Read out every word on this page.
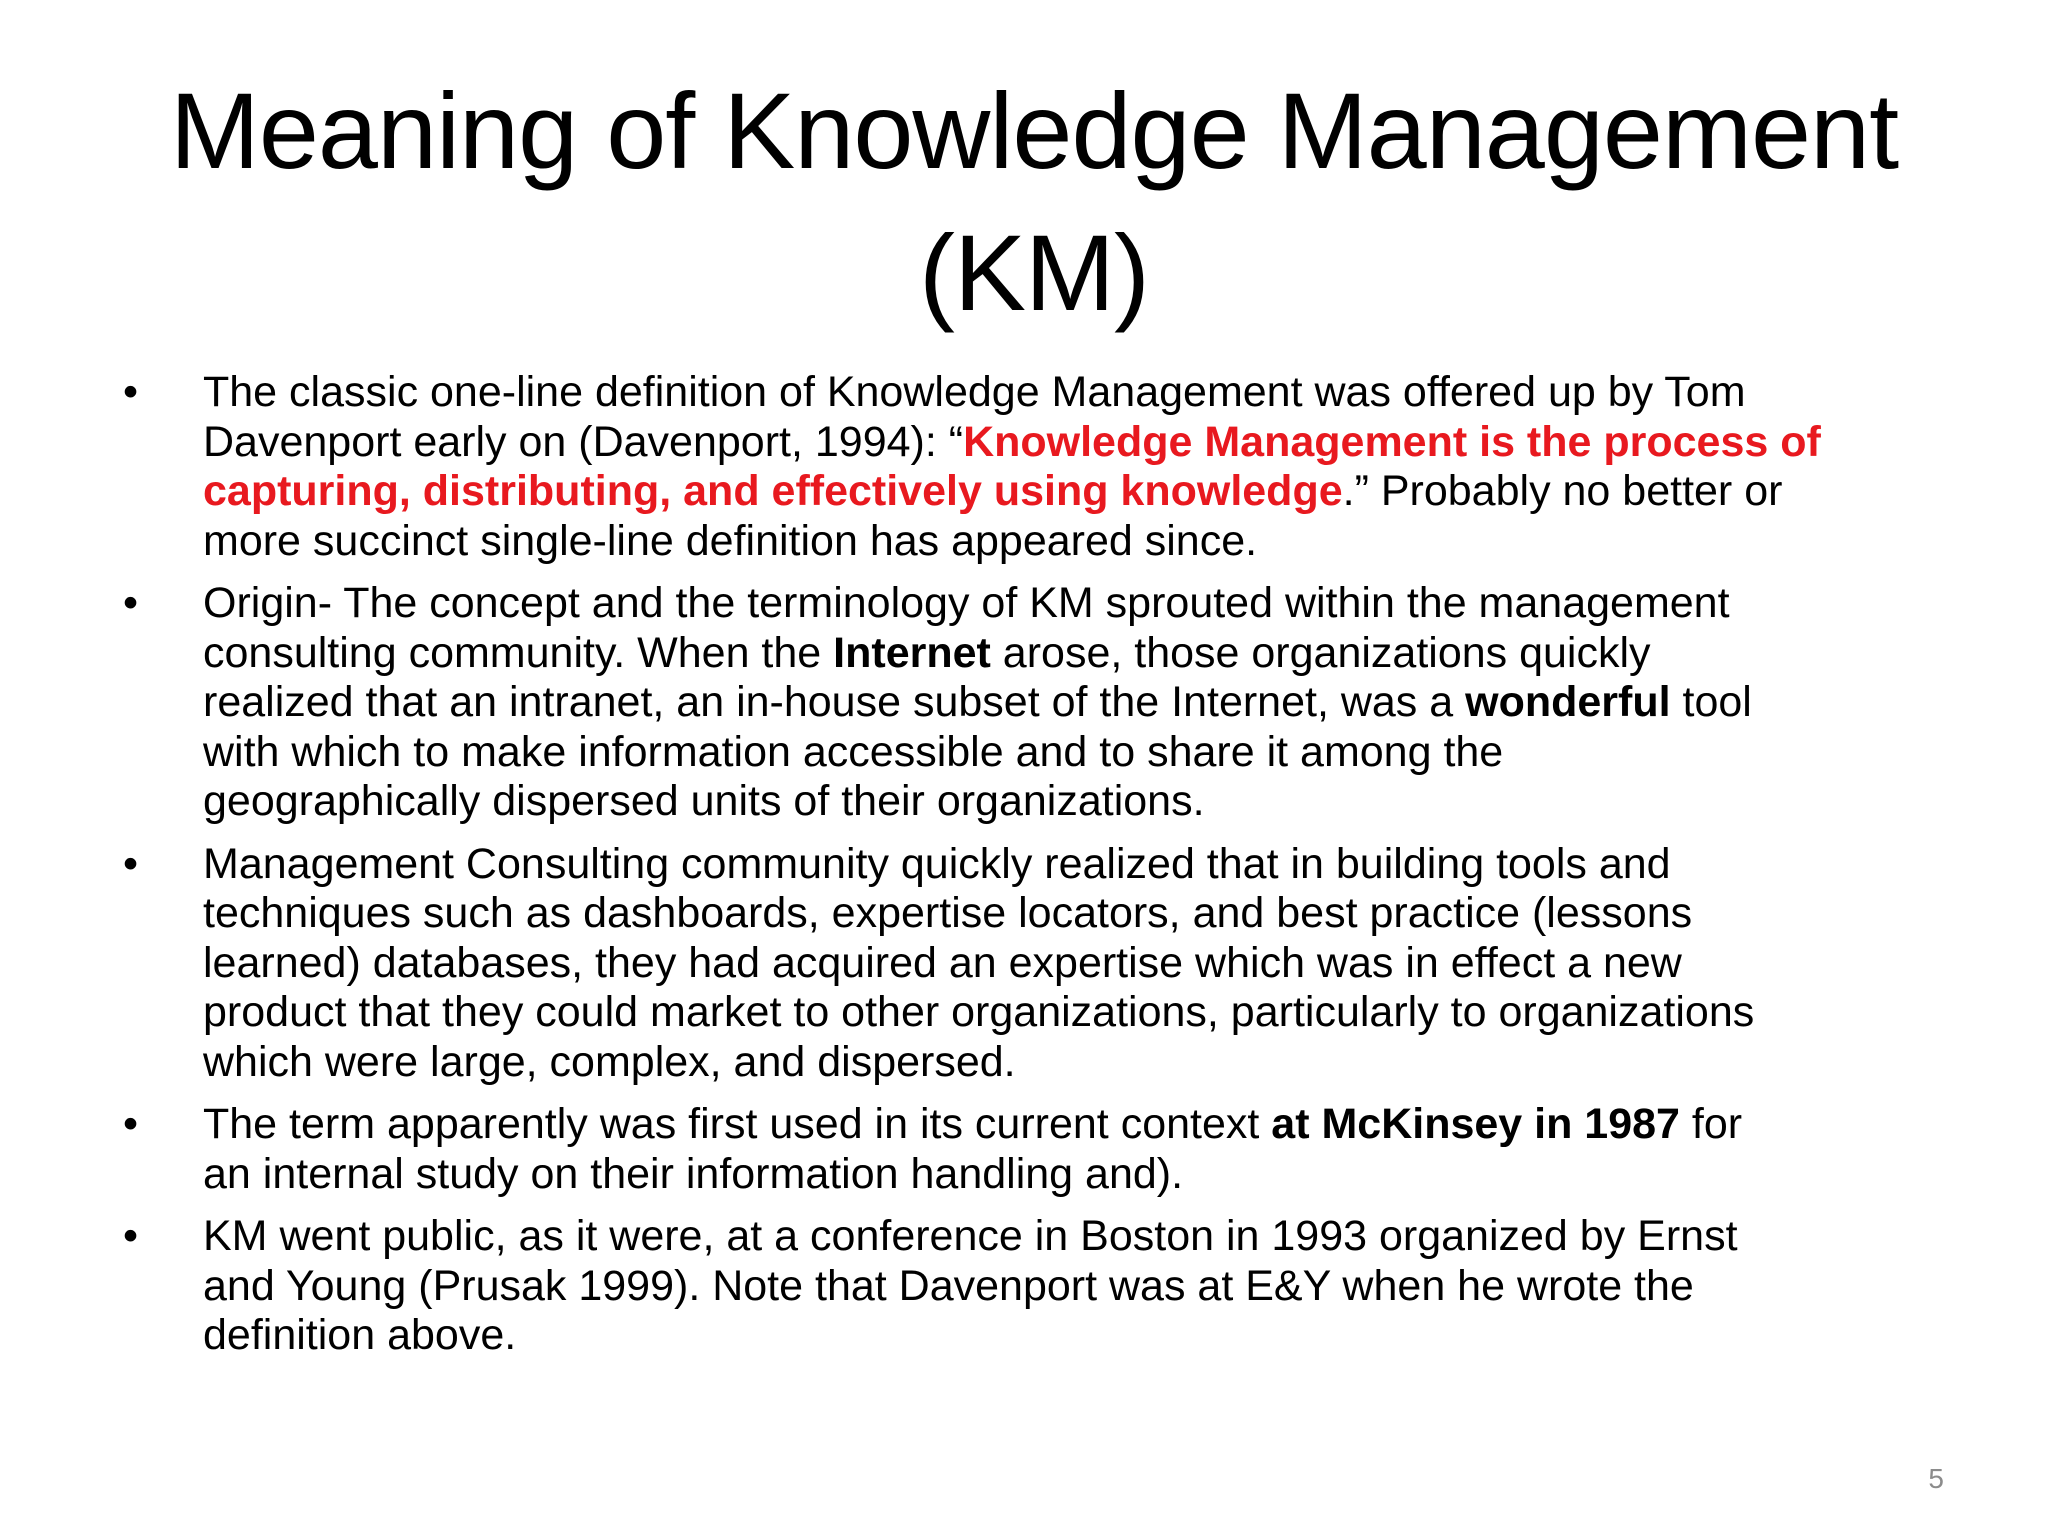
Meaning of Knowledge Management
(KM)
• The classic one-line definition of Knowledge Management was offered up by Tom
Davenport early on (Davenport, 1994): “Knowledge Management is the process of
capturing, distributing, and effectively using knowledge.” Probably no better or
more succinct single-line definition has appeared since.
• Origin- The concept and the terminology of KM sprouted within the management
consulting community. When the Internet arose, those organizations quickly
realized that an intranet, an in-house subset of the Internet, was a wonderful tool
with which to make information accessible and to share it among the
geographically dispersed units of their organizations.
• Management Consulting community quickly realized that in building tools and
techniques such as dashboards, expertise locators, and best practice (lessons
learned) databases, they had acquired an expertise which was in effect a new
product that they could market to other organizations, particularly to organizations
which were large, complex, and dispersed.
• The term apparently was first used in its current context at McKinsey in 1987 for
an internal study on their information handling and).
• KM went public, as it were, at a conference in Boston in 1993 organized by Ernst
and Young (Prusak 1999). Note that Davenport was at E&Y when he wrote the
definition above.
5
